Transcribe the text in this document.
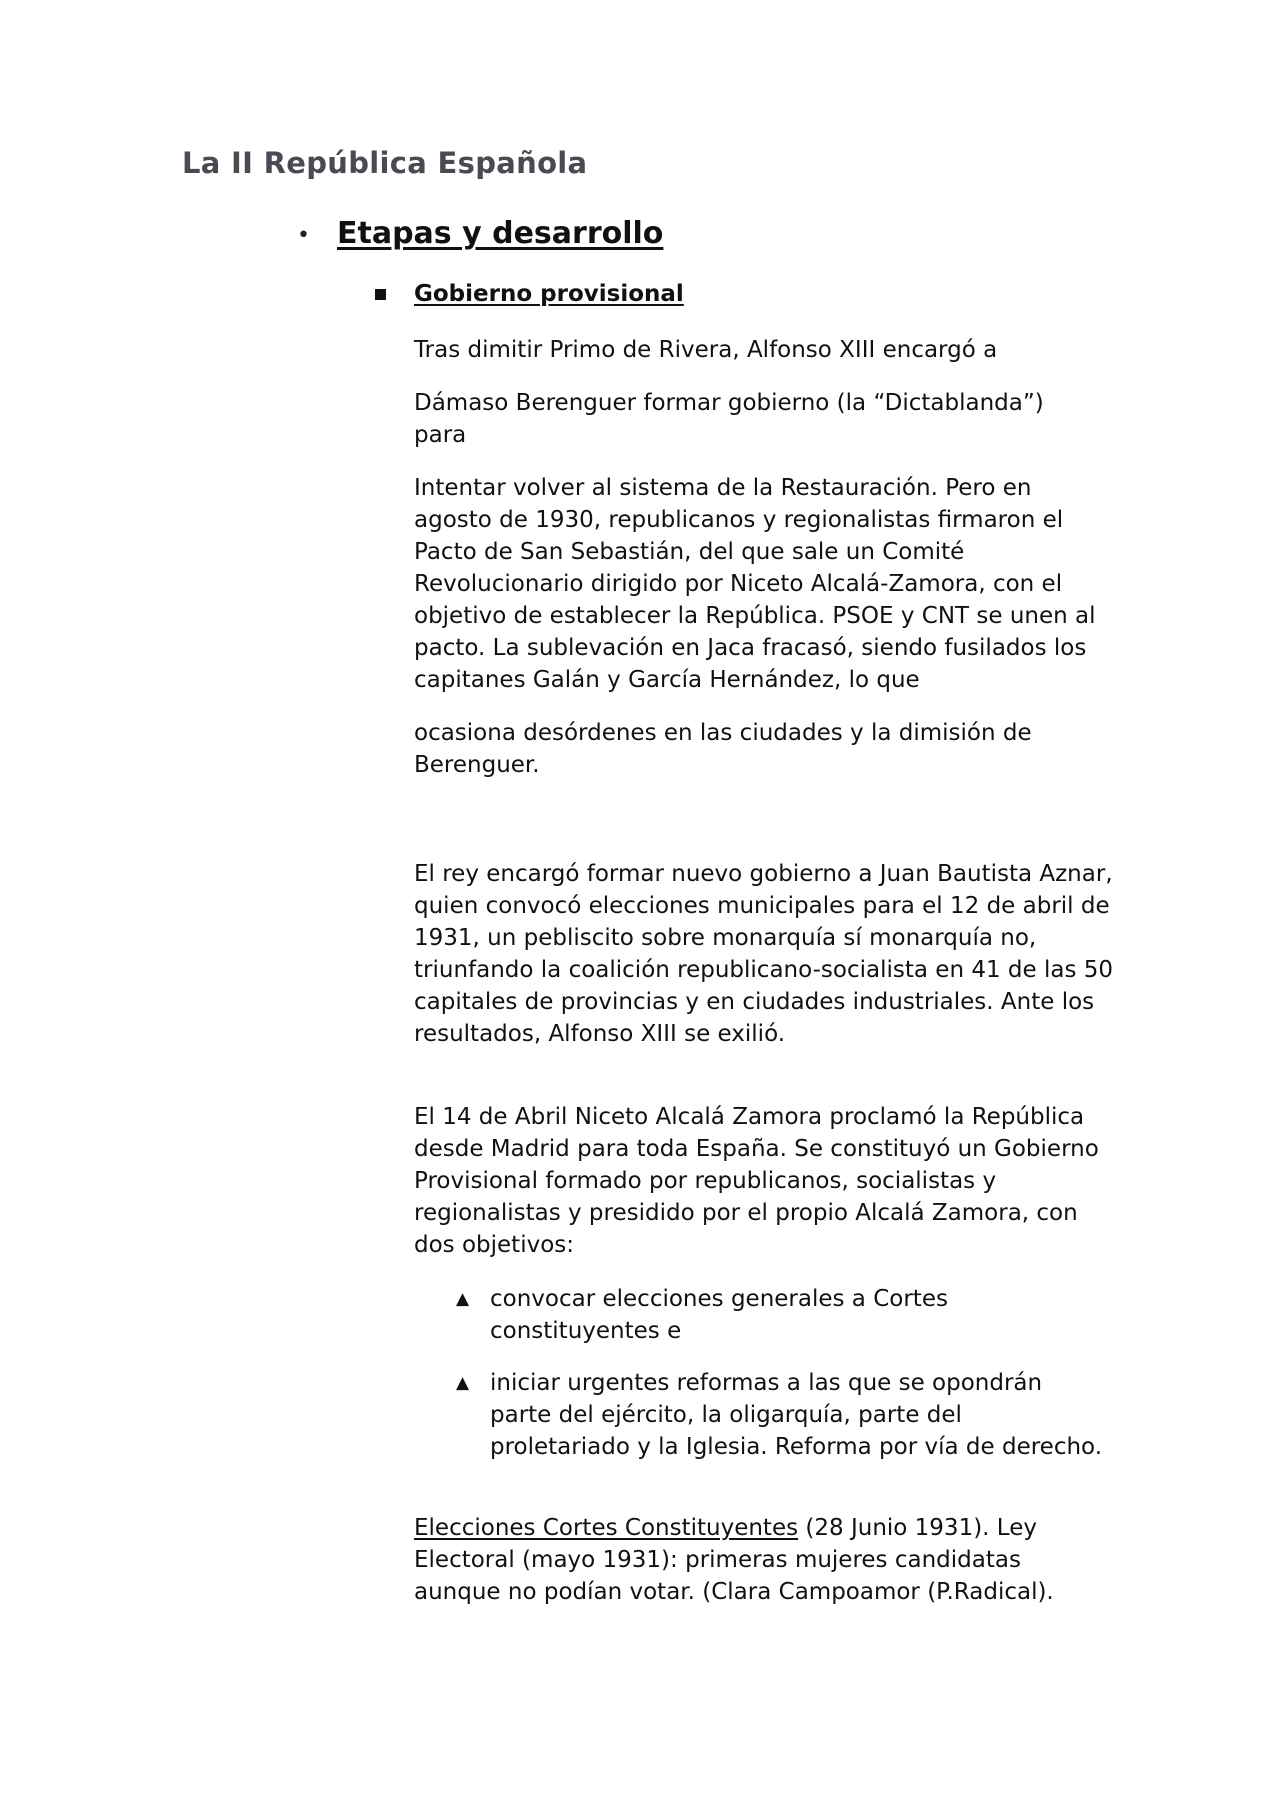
La II República Española
• Etapas y desarrollo
Gobierno provisional

Tras dimitir Primo de Rivera, Alfonso XIII encargó a

Dámaso Berenguer formar gobierno (la “Dictablanda”) para

Intentar volver al sistema de la Restauración. Pero en agosto de 1930, republicanos y regionalistas firmaron el Pacto de San Sebastián, del que sale un Comité Revolucionario dirigido por Niceto Alcalá-Zamora, con el objetivo de establecer la República. PSOE y CNT se unen al pacto. La sublevación en Jaca fracasó, siendo fusilados los capitanes Galán y García Hernández, lo que

ocasiona desórdenes en las ciudades y la dimisión de Berenguer.

El rey encargó formar nuevo gobierno a Juan Bautista Aznar, quien convocó elecciones municipales para el 12 de abril de 1931, un pebliscito sobre monarquía sí monarquía no, triunfando la coalición republicano-socialista en 41 de las 50 capitales de provincias y en ciudades industriales. Ante los resultados, Alfonso XIII se exilió.

El 14 de Abril Niceto Alcalá Zamora proclamó la República desde Madrid para toda España. Se constituyó un Gobierno Provisional formado por republicanos, socialistas y regionalistas y presidido por el propio Alcalá Zamora, con dos objetivos:

▲ convocar elecciones generales a Cortes constituyentes e

▲ iniciar urgentes reformas a las que se opondrán parte del ejército, la oligarquía, parte del proletariado y la Iglesia. Reforma por vía de derecho.

Elecciones Cortes Constituyentes (28 Junio 1931). Ley Electoral (mayo 1931): primeras mujeres candidatas aunque no podían votar. (Clara Campoamor (P.Radical).
